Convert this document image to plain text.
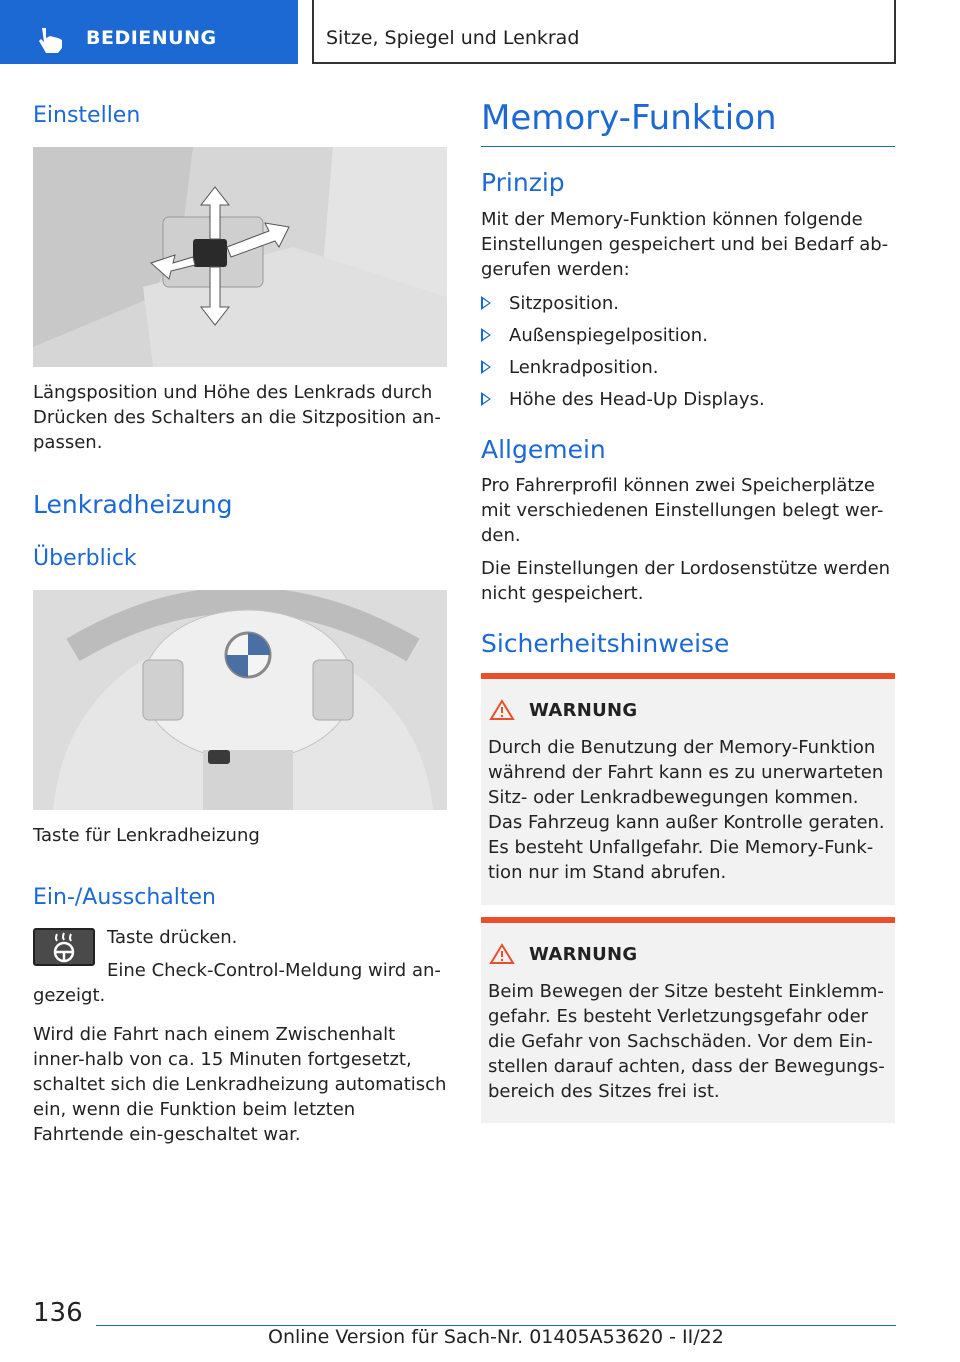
BEDIENUNG	Sitze, Spiegel und Lenkrad
Einstellen
Längsposition und Höhe des Lenkrads durch Drücken des Schalters an die Sitzposition an-passen.
Lenkradheizung
Überblick
Taste für Lenkradheizung
Ein-/Ausschalten
Taste drücken.
Eine Check-Control-Meldung wird an-
gezeigt.
Wird die Fahrt nach einem Zwischenhalt inner-halb von ca. 15 Minuten fortgesetzt, schaltet sich die Lenkradheizung automatisch ein, wenn die Funktion beim letzten Fahrtende ein-geschaltet war.
Memory-Funktion
Prinzip
Mit der Memory-Funktion können folgende Einstellungen gespeichert und bei Bedarf ab-gerufen werden:
Sitzposition.
Außenspiegelposition.
Lenkradposition.
Höhe des Head-Up Displays.
Allgemein
Pro Fahrerprofil können zwei Speicherplätze mit verschiedenen Einstellungen belegt wer-den.
Die Einstellungen der Lordosenstütze werden nicht gespeichert.
Sicherheitshinweise
WARNUNG
Durch die Benutzung der Memory-Funktion während der Fahrt kann es zu unerwarteten Sitz- oder Lenkradbewegungen kommen. Das Fahrzeug kann außer Kontrolle geraten. Es besteht Unfallgefahr. Die Memory-Funk-tion nur im Stand abrufen.
WARNUNG
Beim Bewegen der Sitze besteht Einklemm-gefahr. Es besteht Verletzungsgefahr oder die Gefahr von Sachschäden. Vor dem Ein-stellen darauf achten, dass der Bewegungs-bereich des Sitzes frei ist.
136
Online Version für Sach-Nr. 01405A53620 - II/22
